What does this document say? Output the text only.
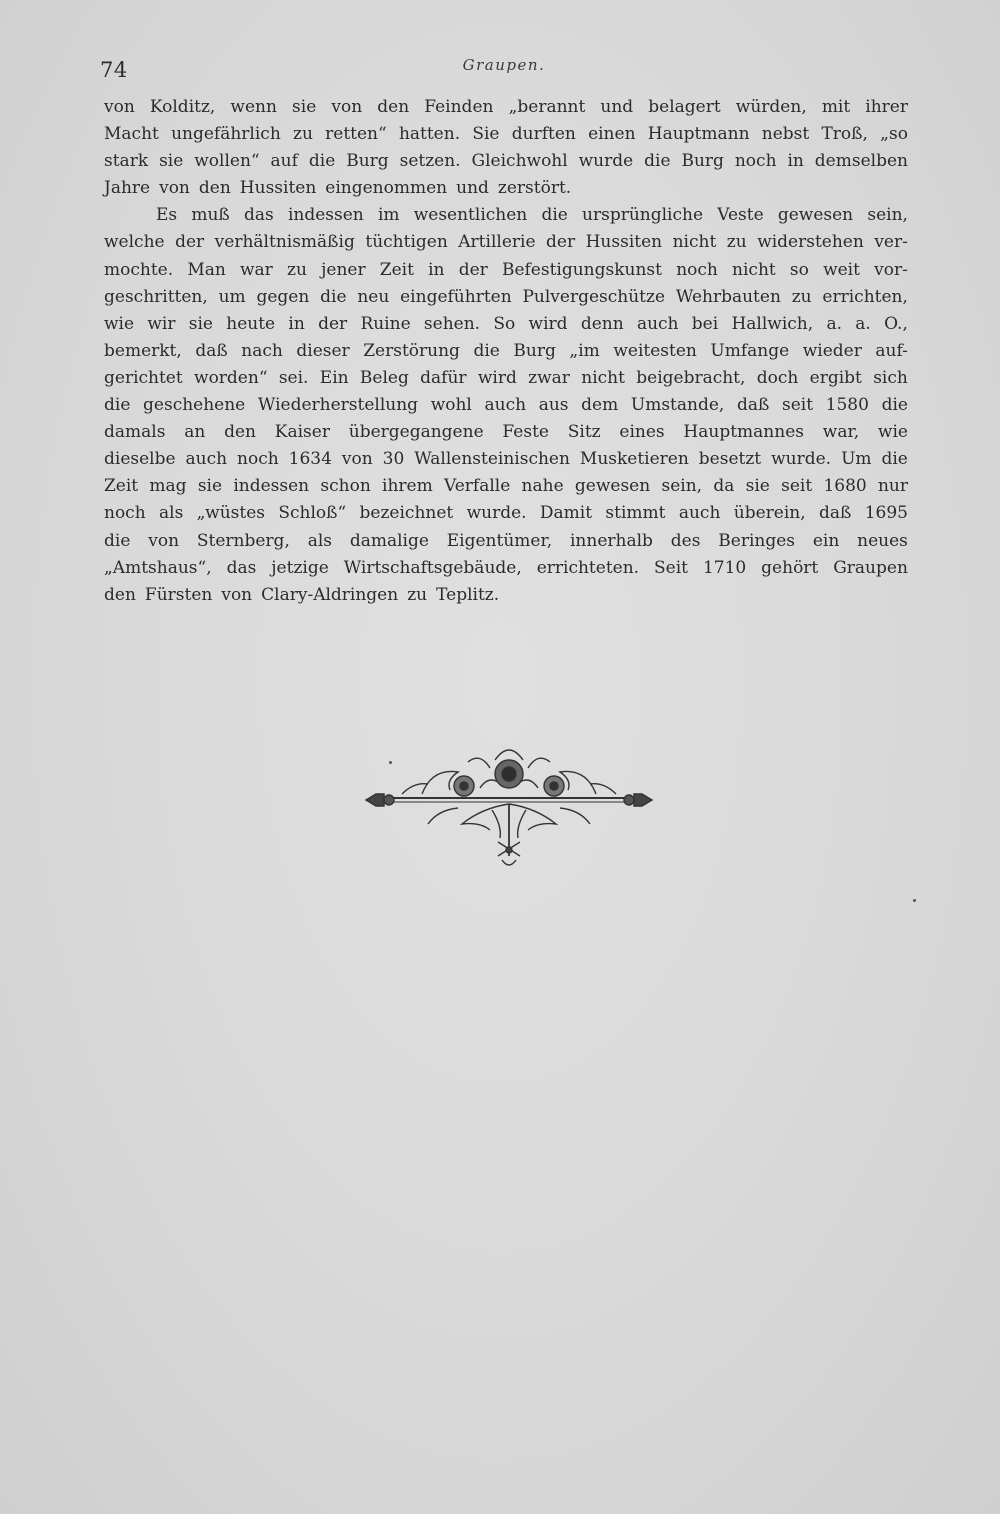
74	Graupen.
von Kolditz, wenn sie von den Feinden „berannt und belagert würden, mit ihrer
Macht ungefährlich zu retten“ hatten. Sie durften einen Hauptmann nebst Troß, „so
stark sie wollen“ auf die Burg setzen. Gleichwohl wurde die Burg noch in demselben
Jahre von den Hussiten eingenommen und zerstört.
Es muß das indessen im wesentlichen die ursprüngliche Veste gewesen sein,
welche der verhältnismäßig tüchtigen Artillerie der Hussiten nicht zu widerstehen ver-
mochte. Man war zu jener Zeit in der Befestigungskunst noch nicht so weit vor-
geschritten, um gegen die neu eingeführten Pulvergeschütze Wehrbauten zu errichten,
wie wir sie heute in der Ruine sehen. So wird denn auch bei Hallwich, a. a. O.,
bemerkt, daß nach dieser Zerstörung die Burg „im weitesten Umfange wieder auf-
gerichtet worden“ sei. Ein Beleg dafür wird zwar nicht beigebracht, doch ergibt sich
die geschehene Wiederherstellung wohl auch aus dem Umstande, daß seit 1580 die
damals an den Kaiser übergegangene Feste Sitz eines Hauptmannes war, wie
dieselbe auch noch 1634 von 30 Wallensteinischen Musketieren besetzt wurde. Um die
Zeit mag sie indessen schon ihrem Verfalle nahe gewesen sein, da sie seit 1680 nur
noch als „wüstes Schloß“ bezeichnet wurde. Damit stimmt auch überein, daß 1695
die von Sternberg, als damalige Eigentümer, innerhalb des Beringes ein neues
„Amtshaus“, das jetzige Wirtschaftsgebäude, errichteten. Seit 1710 gehört Graupen
den Fürsten von Clary-Aldringen zu Teplitz.
